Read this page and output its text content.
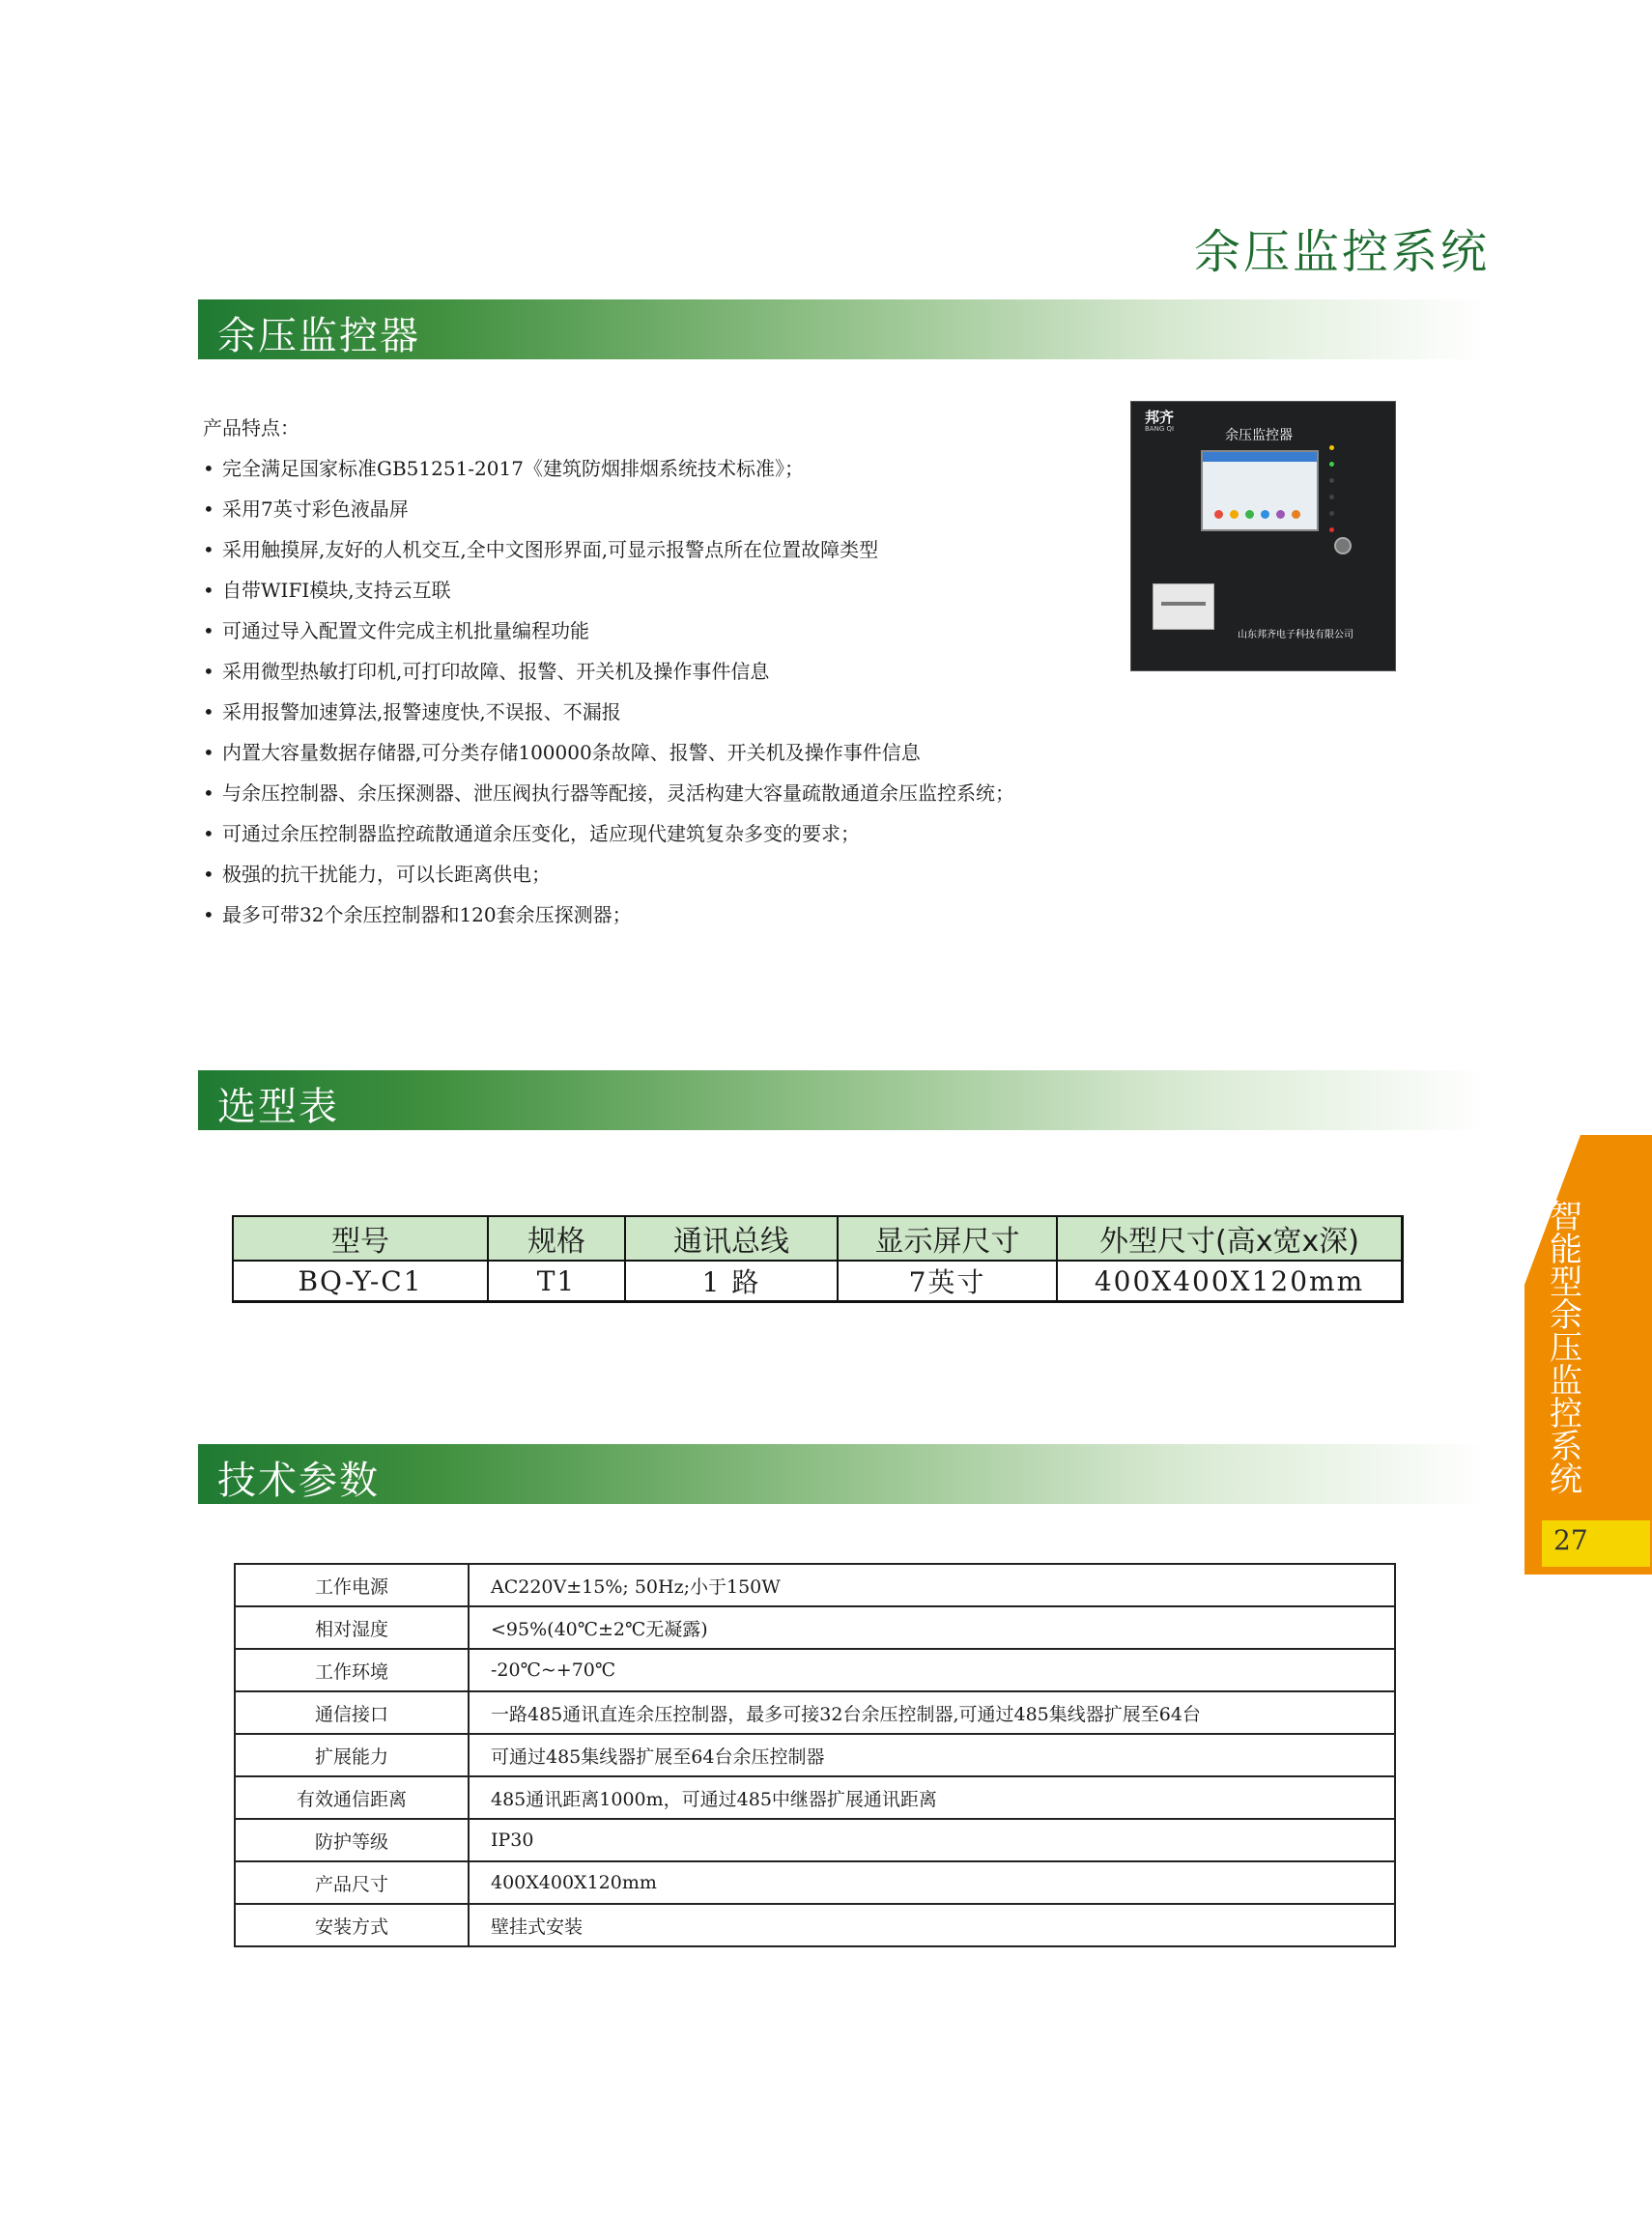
余压监控系统
余压监控器
产品特点：
• 完全满足国家标准GB51251-2017《建筑防烟排烟系统技术标准》；
• 采用7英寸彩色液晶屏
• 采用触摸屏,友好的人机交互,全中文图形界面,可显示报警点所在位置故障类型
• 自带WIFI模块,支持云互联
• 可通过导入配置文件完成主机批量编程功能
• 采用微型热敏打印机,可打印故障、报警、开关机及操作事件信息
• 采用报警加速算法,报警速度快,不误报、不漏报
• 内置大容量数据存储器,可分类存储100000条故障、报警、开关机及操作事件信息
• 与余压控制器、余压探测器、泄压阀执行器等配接，灵活构建大容量疏散通道余压监控系统；
• 可通过余压控制器监控疏散通道余压变化，适应现代建筑复杂多变的要求；
• 极强的抗干扰能力，可以长距离供电；
• 最多可带32个余压控制器和120套余压探测器；
邦齐
BANG QI	余压监控器
山东邦齐电子科技有限公司
选型表
型号	规格	通讯总线	显示屏尺寸	外型尺寸(高x宽x深)
BQ-Y-C1	T1	1 路	7英寸	400X400X120mm
技术参数
工作电源	AC220V±15%; 50Hz;小于150W
相对湿度	<95%(40℃±2℃无凝露)
工作环境	-20℃~+70℃
通信接口	一路485通讯直连余压控制器，最多可接32台余压控制器,可通过485集线器扩展至64台
扩展能力	可通过485集线器扩展至64台余压控制器
有效通信距离	485通讯距离1000m，可通过485中继器扩展通讯距离
防护等级	IP30
产品尺寸	400X400X120mm
安装方式	壁挂式安装
智能型余压监控系统
27
